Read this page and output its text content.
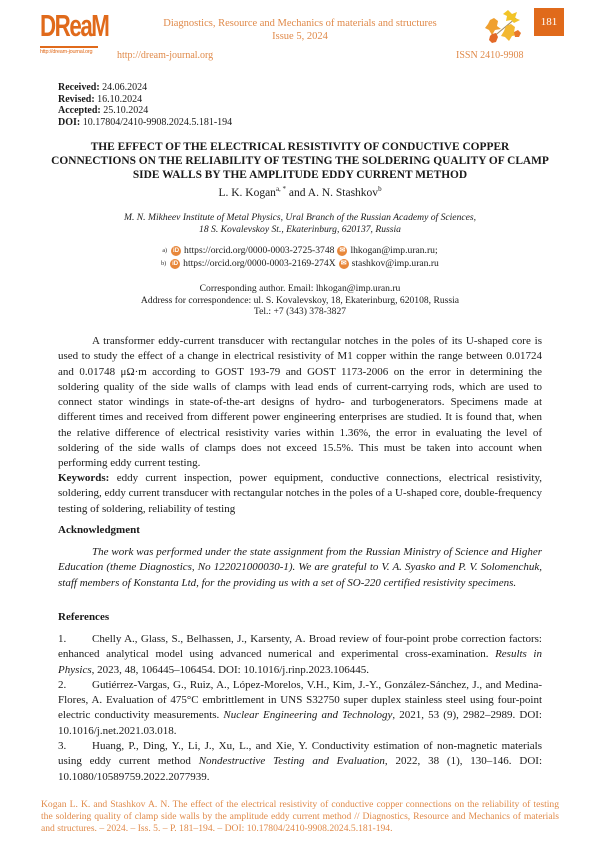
DReaM
http://dream-journal.org
Diagnostics, Resource and Mechanics of materials and structures
Issue 5, 2024
http://dream-journal.org	ISSN 2410-9908
181
Received: 24.06.2024
Revised: 16.10.2024
Accepted: 25.10.2024
DOI: 10.17804/2410-9908.2024.5.181-194
THE EFFECT OF THE ELECTRICAL RESISTIVITY OF CONDUCTIVE COPPER CONNECTIONS ON THE RELIABILITY OF TESTING THE SOLDERING QUALITY OF CLAMP SIDE WALLS BY THE AMPLITUDE EDDY CURRENT METHOD
L. K. Kogan$^{a, *}$ and A. N. Stashkov$^b$
M. N. Mikheev Institute of Metal Physics, Ural Branch of the Russian Academy of Sciences,
18 S. Kovalevskoy St., Ekaterinburg, 620137, Russia
a)	iD https://orcid.org/0000-0003-2725-3748 ✉ lhkogan@imp.uran.ru;
b)	iD https://orcid.org/0000-0003-2169-274X ✉ stashkov@imp.uran.ru
Corresponding author. Email: lhkogan@imp.uran.ru
Address for correspondence: ul. S. Kovalevskoy, 18, Ekaterinburg, 620108, Russia
Tel.: +7 (343) 378-3827

A transformer eddy-current transducer with rectangular notches in the poles of its U-shaped core is used to study the effect of a change in electrical resistivity of M1 copper within the range between 0.01724 and 0.01748 μΩ·m according to GOST 193-79 and GOST 1173-2006 on the error in determining the soldering quality of the side walls of clamps with lead ends of current-carrying rods, which are used to connect stator windings in state-of-the-art designs of hydro- and turbogenerators. Specimens made at different times and received from different power engineering enterprises are studied. It is found that, when the relative difference of electrical resistivity varies within 1.36%, the error in evaluating the level of soldering of the side walls of clamps does not exceed 15.5%. This must be taken into account when performing eddy current testing.

Keywords: eddy current inspection, power equipment, conductive connections, electrical resistivity, soldering, eddy current transducer with rectangular notches in the poles of a U-shaped core, double-frequency testing of soldering, reliability of testing

Acknowledgment

The work was performed under the state assignment from the Russian Ministry of Science and Higher Education (theme Diagnostics, No 122021000030-1). We are grateful to V. A. Syasko and P. V. Solomenchuk, staff members of Konstanta Ltd, for the providing us with a set of SO-220 certified resistivity specimens.

References

1. Chelly A., Glass, S., Belhassen, J., Karsenty, A. Broad review of four-point probe correction factors: enhanced analytical model using advanced numerical and experimental cross-examination. Results in Physics, 2023, 48, 106445–106454. DOI: 10.1016/j.rinp.2023.106445.

2. Gutiérrez-Vargas, G., Ruiz, A., López-Morelos, V.H., Kim, J.-Y., González-Sánchez, J., and Medina-Flores, A. Evaluation of 475°C embrittlement in UNS S32750 super duplex stainless steel using four-point electric conductivity measurements. Nuclear Engineering and Technology, 2021, 53 (9), 2982–2989. DOI: 10.1016/j.net.2021.03.018.

3. Huang, P., Ding, Y., Li, J., Xu, L., and Xie, Y. Conductivity estimation of non-magnetic materials using eddy current method Nondestructive Testing and Evaluation, 2022, 38 (1), 130–146. DOI: 10.1080/10589759.2022.2077939.

Kogan L. K. and Stashkov A. N. The effect of the electrical resistivity of conductive copper connections on the reliability of testing the soldering quality of clamp side walls by the amplitude eddy current method // Diagnostics, Resource and Mechanics of materials and structures. – 2024. – Iss. 5. – P. 181–194. – DOI: 10.17804/2410-9908.2024.5.181-194.
